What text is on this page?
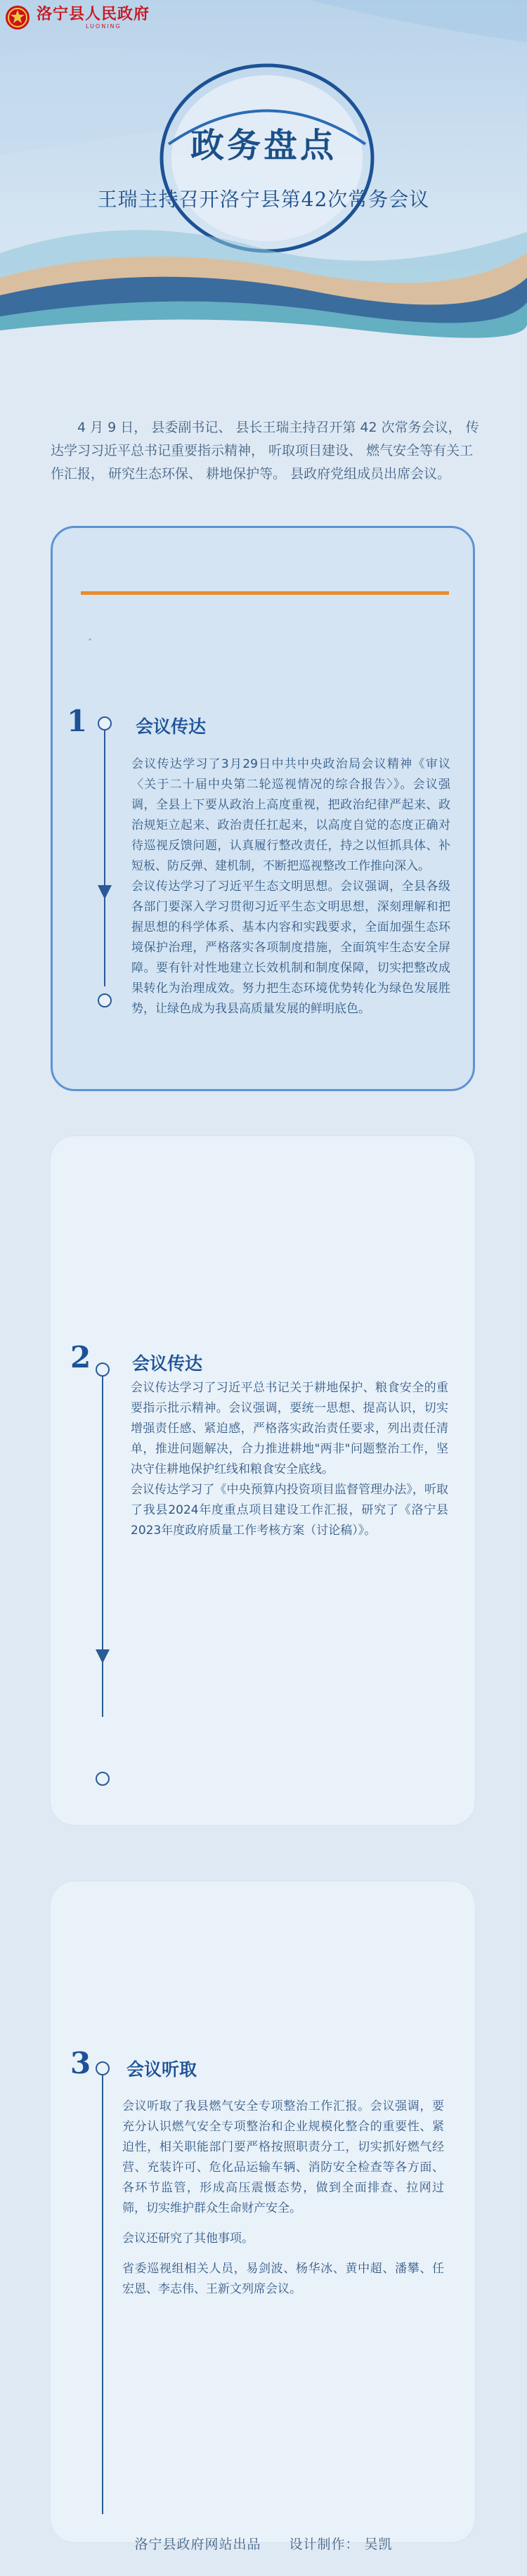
洛宁县人民政府
LUONING
政务盘点
王瑞主持召开洛宁县第42次常务会议
4 月 9 日， 县委副书记、 县长王瑞主持召开第 42 次常务会议， 传达学习习近平总书记重要指示精神， 听取项目建设、 燃气安全等有关工作汇报， 研究生态环保、 耕地保护等。 县政府党组成员出席会议。
•
1	会议传达

会议传达学习了3月29日中共中央政治局会议精神《审议〈关于二十届中央第二轮巡视情况的综合报告〉》。会议强调，全县上下要从政治上高度重视，把政治纪律严起来、政治规矩立起来、政治责任扛起来，以高度自觉的态度正确对待巡视反馈问题，认真履行整改责任，持之以恒抓具体、补短板、防反弹、建机制，不断把巡视整改工作推向深入。

会议传达学习了习近平生态文明思想。会议强调，全县各级各部门要深入学习贯彻习近平生态文明思想，深刻理解和把握思想的科学体系、基本内容和实践要求，全面加强生态环境保护治理，严格落实各项制度措施，全面筑牢生态安全屏障。要有针对性地建立长效机制和制度保障，切实把整改成果转化为治理成效。努力把生态环境优势转化为绿色发展胜势，让绿色成为我县高质量发展的鲜明底色。

2 会议传达

会议传达学习了习近平总书记关于耕地保护、粮食安全的重要指示批示精神。会议强调，要统一思想、提高认识，切实增强责任感、紧迫感，严格落实政治责任要求，列出责任清单，推进问题解决，合力推进耕地"两非"问题整治工作，坚决守住耕地保护红线和粮食安全底线。

会议传达学习了《中央预算内投资项目监督管理办法》，听取了我县2024年度重点项目建设工作汇报，研究了《洛宁县2023年度政府质量工作考核方案（讨论稿）》。

3 会议听取

会议听取了我县燃气安全专项整治工作汇报。会议强调，要充分认识燃气安全专项整治和企业规模化整合的重要性、紧迫性，相关职能部门要严格按照职责分工，切实抓好燃气经营、充装许可、危化品运输车辆、消防安全检查等各方面、各环节监管，形成高压震慑态势，做到全面排查、拉网过筛，切实维护群众生命财产安全。

会议还研究了其他事项。

省委巡视组相关人员，易剑波、杨华冰、黄中超、潘攀、任宏恩、李志伟、王新文列席会议。

洛宁县政府网站出品　　设计制作： 吴凯
